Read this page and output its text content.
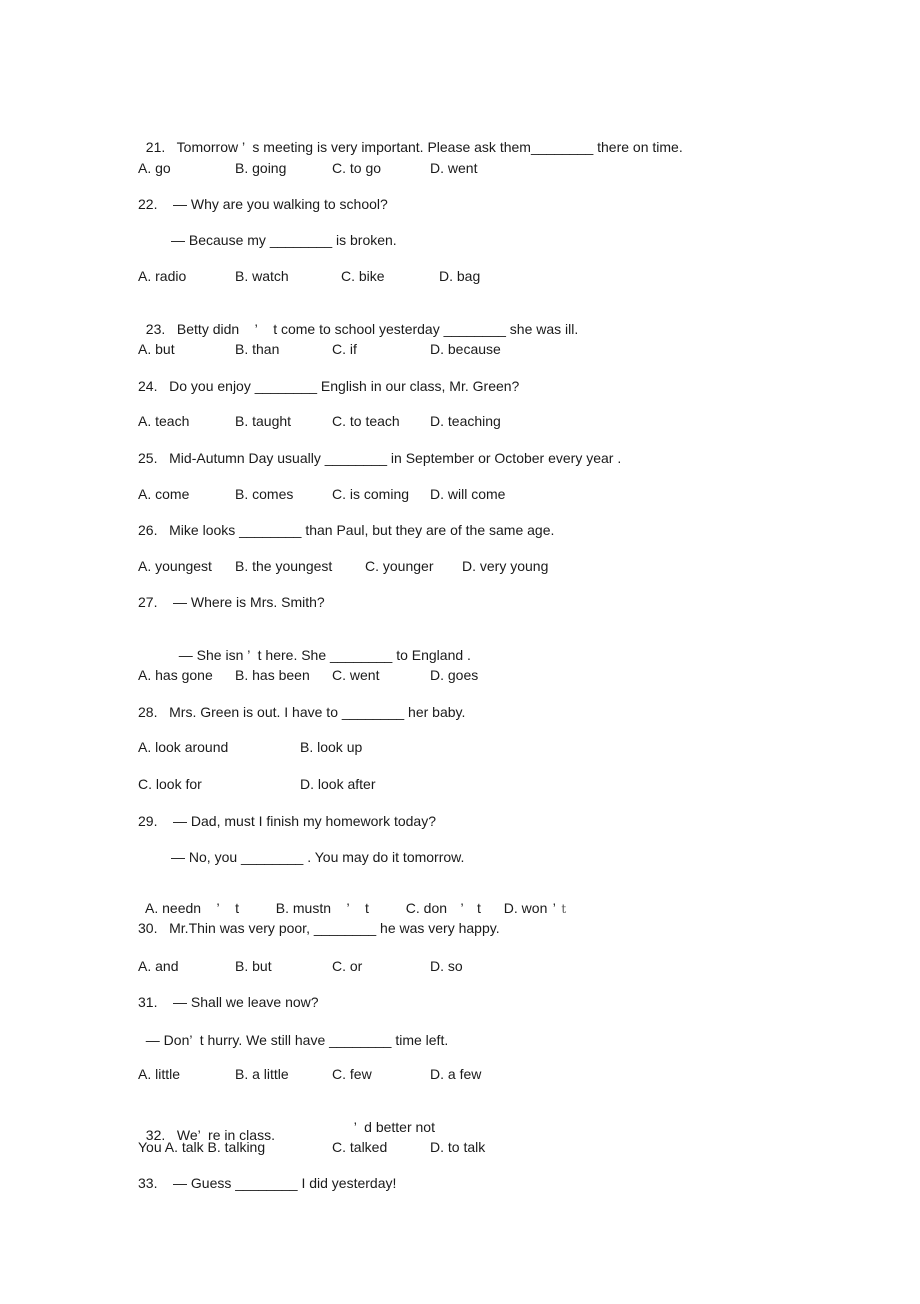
21.   Tomorrow ’  s meeting is very important. Please ask them________ there on time.

A. go	B. going	C. to go	D. went
22.    — Why are you walking to school?
— Because my ________ is broken.
A. radio	B. watch	C. bike	D. bag

23.   Betty didn ’ t come to school yesterday ________ she was ill.

A. but	B. than	C. if	D. because
24.   Do you enjoy ________ English in our class, Mr. Green?
A. teach	B. taught	C. to teach D. teaching
25.   Mid-Autumn Day usually ________ in September or October every year .
A. come	B. comes	C. is coming D. will come
26.   Mike looks ________ than Paul, but they are of the same age.
A. youngest B. the youngest C. younger D. very young
27.    — Where is Mrs. Smith?

— She isn ’  t here. She ________ to England .

A. has gone B. has been C. went	D. goes
28.   Mrs. Green is out. I have to ________ her baby.
A. look around	B. look up
C. look for	D. look after
29.    — Dad, must I finish my homework today?
— No, you ________ . You may do it tomorrow.

A. needn ’ t	B. mustn ’ t	C. don ’ t	D. won ’ t

30.   Mr.Thin was very poor, ________ he was very happy.
A. and	B. but	C. or	D. so
31.    — Shall we leave now?

— Don’  t hurry. We still have ________ time left.

A. little	B. a little	C. few	D. a few

’ d better not

32.   We’  re in class.

You A. talk B. talking	C. talked	D. to talk
33.    — Guess ________ I did yesterday!
